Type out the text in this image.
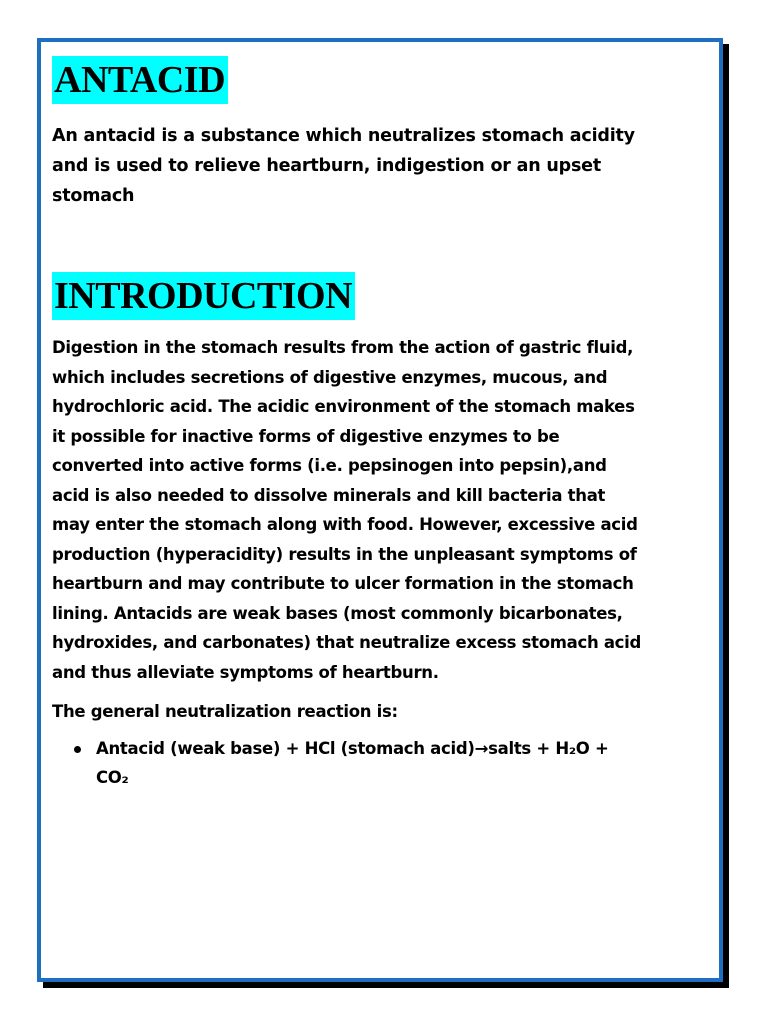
ANTACID

An antacid is a substance which neutralizes stomach acidity and is used to relieve heartburn, indigestion or an upset stomach

INTRODUCTION

Digestion in the stomach results from the action of gastric fluid, which includes secretions of digestive enzymes, mucous, and hydrochloric acid. The acidic environment of the stomach makes it possible for inactive forms of digestive enzymes to be converted into active forms (i.e. pepsinogen into pepsin),and acid is also needed to dissolve minerals and kill bacteria that may enter the stomach along with food. However, excessive acid production (hyperacidity) results in the unpleasant symptoms of heartburn and may contribute to ulcer formation in the stomach lining. Antacids are weak bases (most commonly bicarbonates, hydroxides, and carbonates) that neutralize excess stomach acid and thus alleviate symptoms of heartburn.

The general neutralization reaction is:

Antacid (weak base) + HCl (stomach acid)→salts + H₂O + CO₂
